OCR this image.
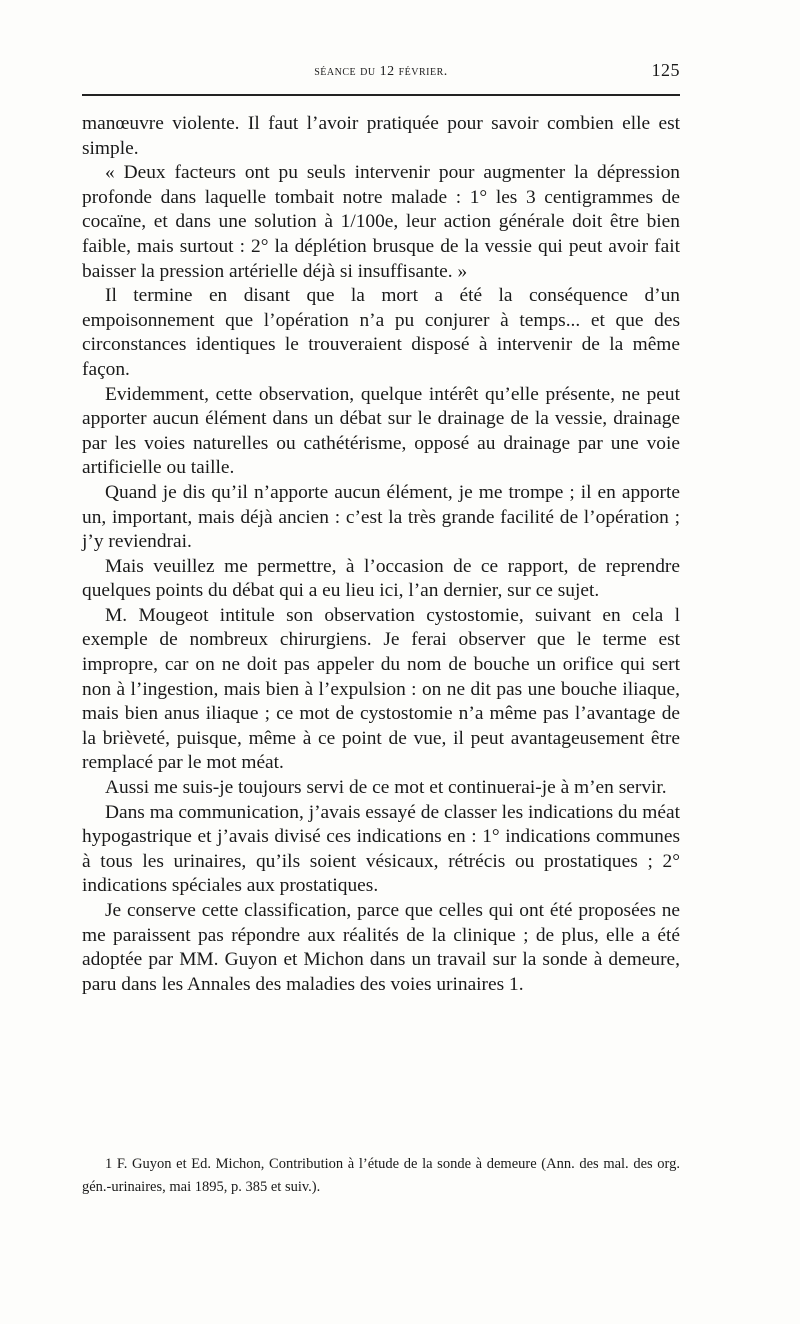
séance du 12 février.	125

manœuvre violente. Il faut l’avoir pratiquée pour savoir combien elle est simple.

« Deux facteurs ont pu seuls intervenir pour augmenter la dépression profonde dans laquelle tombait notre malade : 1° les 3 centigrammes de cocaïne, et dans une solution à 1/100e, leur action générale doit être bien faible, mais surtout : 2° la déplétion brusque de la vessie qui peut avoir fait baisser la pression artérielle déjà si insuffisante. »

Il termine en disant que la mort a été la conséquence d’un empoisonnement que l’opération n’a pu conjurer à temps... et que des circonstances identiques le trouveraient disposé à intervenir de la même façon.

Evidemment, cette observation, quelque intérêt qu’elle présente, ne peut apporter aucun élément dans un débat sur le drainage de la vessie, drainage par les voies naturelles ou cathétérisme, opposé au drainage par une voie artificielle ou taille.

Quand je dis qu’il n’apporte aucun élément, je me trompe ; il en apporte un, important, mais déjà ancien : c’est la très grande facilité de l’opération ; j’y reviendrai.

Mais veuillez me permettre, à l’occasion de ce rapport, de reprendre quelques points du débat qui a eu lieu ici, l’an dernier, sur ce sujet.

M. Mougeot intitule son observation cystostomie, suivant en cela l exemple de nombreux chirurgiens. Je ferai observer que le terme est impropre, car on ne doit pas appeler du nom de bouche un orifice qui sert non à l’ingestion, mais bien à l’expulsion : on ne dit pas une bouche iliaque, mais bien anus iliaque ; ce mot de cystostomie n’a même pas l’avantage de la brièveté, puisque, même à ce point de vue, il peut avantageusement être remplacé par le mot méat.

Aussi me suis-je toujours servi de ce mot et continuerai-je à m’en servir.

Dans ma communication, j’avais essayé de classer les indications du méat hypogastrique et j’avais divisé ces indications en : 1° indications communes à tous les urinaires, qu’ils soient vésicaux, rétrécis ou prostatiques ; 2° indications spéciales aux prostatiques.

Je conserve cette classification, parce que celles qui ont été proposées ne me paraissent pas répondre aux réalités de la clinique ; de plus, elle a été adoptée par MM. Guyon et Michon dans un travail sur la sonde à demeure, paru dans les Annales des maladies des voies urinaires 1.

1 F. Guyon et Ed. Michon, Contribution à l’étude de la sonde à demeure (Ann. des mal. des org. gén.-urinaires, mai 1895, p. 385 et suiv.).
